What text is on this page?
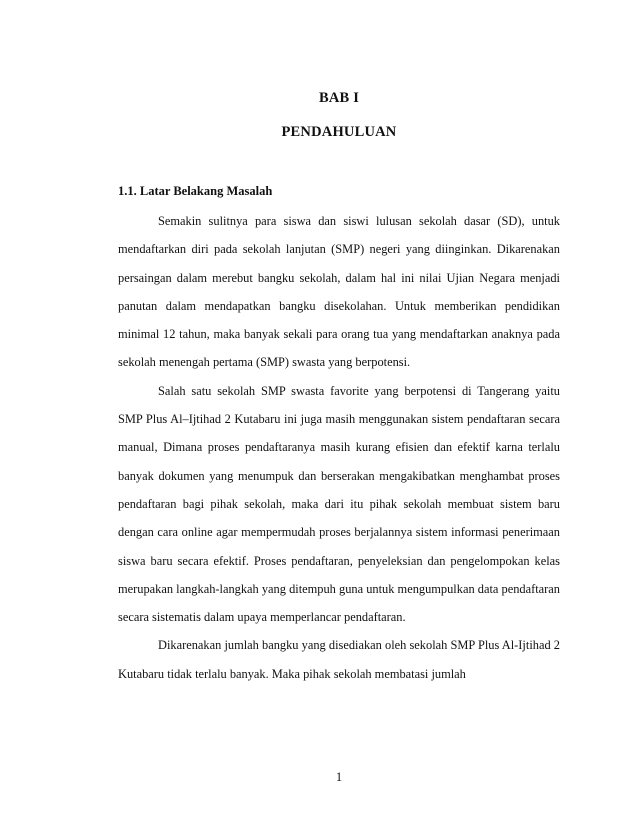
BAB I
PENDAHULUAN
1.1. Latar Belakang Masalah

Semakin sulitnya para siswa dan siswi lulusan sekolah dasar (SD), untuk mendaftarkan diri pada sekolah lanjutan (SMP) negeri yang diinginkan. Dikarenakan persaingan dalam merebut bangku sekolah, dalam hal ini nilai Ujian Negara menjadi panutan dalam mendapatkan bangku disekolahan. Untuk memberikan pendidikan minimal 12 tahun, maka banyak sekali para orang tua yang mendaftarkan anaknya pada sekolah menengah pertama (SMP) swasta yang berpotensi.

Salah satu sekolah SMP swasta favorite yang berpotensi di Tangerang yaitu SMP Plus Al–Ijtihad 2 Kutabaru ini juga masih menggunakan sistem pendaftaran secara manual, Dimana proses pendaftaranya masih kurang efisien dan efektif karna terlalu banyak dokumen yang menumpuk dan berserakan mengakibatkan menghambat proses pendaftaran bagi pihak sekolah, maka dari itu pihak sekolah membuat sistem baru dengan cara online agar mempermudah proses berjalannya sistem informasi penerimaan siswa baru secara efektif. Proses pendaftaran, penyeleksian dan pengelompokan kelas merupakan langkah-langkah yang ditempuh guna untuk mengumpulkan data pendaftaran secara sistematis dalam upaya memperlancar pendaftaran.

Dikarenakan jumlah bangku yang disediakan oleh sekolah SMP Plus Al-Ijtihad 2 Kutabaru tidak terlalu banyak. Maka pihak sekolah membatasi jumlah

1
